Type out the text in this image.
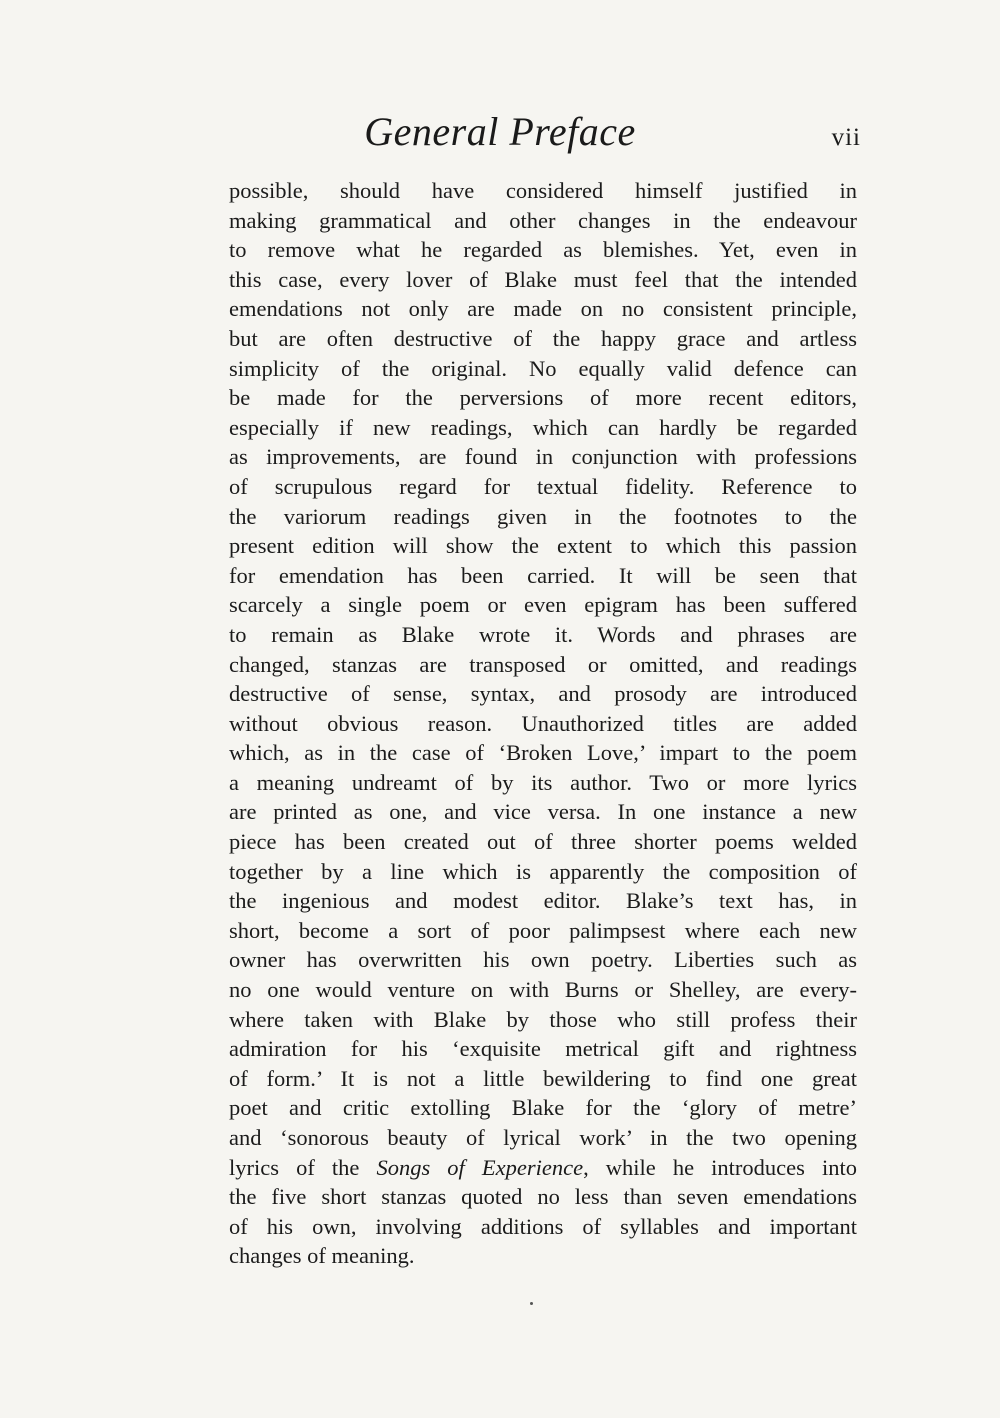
General Preface	vii
possible, should have considered himself justified in
making grammatical and other changes in the endeavour
to remove what he regarded as blemishes. Yet, even in
this case, every lover of Blake must feel that the intended
emendations not only are made on no consistent principle,
but are often destructive of the happy grace and artless
simplicity of the original. No equally valid defence can
be made for the perversions of more recent editors,
especially if new readings, which can hardly be regarded
as improvements, are found in conjunction with professions
of scrupulous regard for textual fidelity. Reference to
the variorum readings given in the footnotes to the
present edition will show the extent to which this passion
for emendation has been carried. It will be seen that
scarcely a single poem or even epigram has been suffered
to remain as Blake wrote it. Words and phrases are
changed, stanzas are transposed or omitted, and readings
destructive of sense, syntax, and prosody are introduced
without obvious reason. Unauthorized titles are added
which, as in the case of ‘Broken Love,’ impart to the poem
a meaning undreamt of by its author. Two or more lyrics
are printed as one, and vice versa. In one instance a new
piece has been created out of three shorter poems welded
together by a line which is apparently the composition of
the ingenious and modest editor. Blake’s text has, in
short, become a sort of poor palimpsest where each new
owner has overwritten his own poetry. Liberties such as
no one would venture on with Burns or Shelley, are every-
where taken with Blake by those who still profess their
admiration for his ‘exquisite metrical gift and rightness
of form.’ It is not a little bewildering to find one great
poet and critic extolling Blake for the ‘glory of metre’
and ‘sonorous beauty of lyrical work’ in the two opening
lyrics of the Songs of Experience, while he introduces into
the five short stanzas quoted no less than seven emendations
of his own, involving additions of syllables and important
changes of meaning.
